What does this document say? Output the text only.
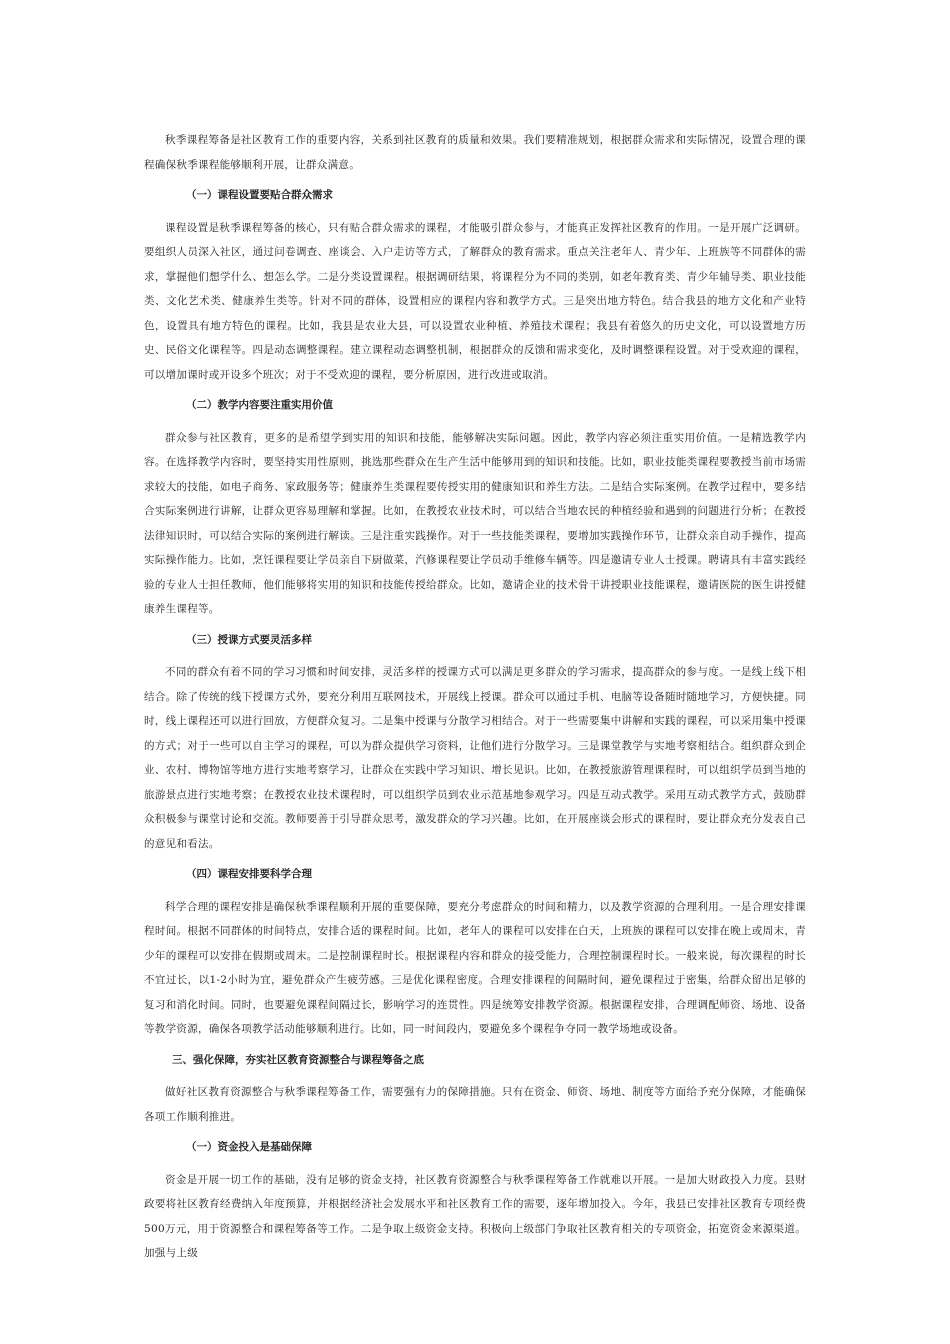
秋季课程筹备是社区教育工作的重要内容，关系到社区教育的质量和效果。我们要精准规划，根据群众需求和实际情况，设置合理的课程确保秋季课程能够顺利开展，让群众满意。

（一）课程设置要贴合群众需求

课程设置是秋季课程筹备的核心，只有贴合群众需求的课程，才能吸引群众参与，才能真正发挥社区教育的作用。一是开展广泛调研。要组织人员深入社区，通过问卷调查、座谈会、入户走访等方式，了解群众的教育需求。重点关注老年人、青少年、上班族等不同群体的需求，掌握他们想学什么、想怎么学。二是分类设置课程。根据调研结果，将课程分为不同的类别，如老年教育类、青少年辅导类、职业技能类、文化艺术类、健康养生类等。针对不同的群体，设置相应的课程内容和教学方式。三是突出地方特色。结合我县的地方文化和产业特色，设置具有地方特色的课程。比如，我县是农业大县，可以设置农业种植、养殖技术课程；我县有着悠久的历史文化，可以设置地方历史、民俗文化课程等。四是动态调整课程。建立课程动态调整机制，根据群众的反馈和需求变化，及时调整课程设置。对于受欢迎的课程，可以增加课时或开设多个班次；对于不受欢迎的课程，要分析原因，进行改进或取消。

（二）教学内容要注重实用价值

群众参与社区教育，更多的是希望学到实用的知识和技能，能够解决实际问题。因此，教学内容必须注重实用价值。一是精选教学内容。在选择教学内容时，要坚持实用性原则，挑选那些群众在生产生活中能够用到的知识和技能。比如，职业技能类课程要教授当前市场需求较大的技能，如电子商务、家政服务等；健康养生类课程要传授实用的健康知识和养生方法。二是结合实际案例。在教学过程中，要多结合实际案例进行讲解，让群众更容易理解和掌握。比如，在教授农业技术时，可以结合当地农民的种植经验和遇到的问题进行分析；在教授法律知识时，可以结合实际的案例进行解读。三是注重实践操作。对于一些技能类课程，要增加实践操作环节，让群众亲自动手操作，提高实际操作能力。比如，烹饪课程要让学员亲自下厨做菜，汽修课程要让学员动手维修车辆等。四是邀请专业人士授课。聘请具有丰富实践经验的专业人士担任教师，他们能够将实用的知识和技能传授给群众。比如，邀请企业的技术骨干讲授职业技能课程，邀请医院的医生讲授健康养生课程等。

（三）授课方式要灵活多样

不同的群众有着不同的学习习惯和时间安排，灵活多样的授课方式可以满足更多群众的学习需求，提高群众的参与度。一是线上线下相结合。除了传统的线下授课方式外，要充分利用互联网技术，开展线上授课。群众可以通过手机、电脑等设备随时随地学习，方便快捷。同时，线上课程还可以进行回放，方便群众复习。二是集中授课与分散学习相结合。对于一些需要集中讲解和实践的课程，可以采用集中授课的方式；对于一些可以自主学习的课程，可以为群众提供学习资料，让他们进行分散学习。三是课堂教学与实地考察相结合。组织群众到企业、农村、博物馆等地方进行实地考察学习，让群众在实践中学习知识、增长见识。比如，在教授旅游管理课程时，可以组织学员到当地的旅游景点进行实地考察；在教授农业技术课程时，可以组织学员到农业示范基地参观学习。四是互动式教学。采用互动式教学方式，鼓励群众积极参与课堂讨论和交流。教师要善于引导群众思考，激发群众的学习兴趣。比如，在开展座谈会形式的课程时，要让群众充分发表自己的意见和看法。

（四）课程安排要科学合理

科学合理的课程安排是确保秋季课程顺利开展的重要保障，要充分考虑群众的时间和精力，以及教学资源的合理利用。一是合理安排课程时间。根据不同群体的时间特点，安排合适的课程时间。比如，老年人的课程可以安排在白天，上班族的课程可以安排在晚上或周末，青少年的课程可以安排在假期或周末。二是控制课程时长。根据课程内容和群众的接受能力，合理控制课程时长。一般来说，每次课程的时长不宜过长，以1-2小时为宜，避免群众产生疲劳感。三是优化课程密度。合理安排课程的间隔时间，避免课程过于密集，给群众留出足够的复习和消化时间。同时，也要避免课程间隔过长，影响学习的连贯性。四是统筹安排教学资源。根据课程安排，合理调配师资、场地、设备等教学资源，确保各项教学活动能够顺利进行。比如，同一时间段内，要避免多个课程争夺同一教学场地或设备。

三、强化保障，夯实社区教育资源整合与课程筹备之底

做好社区教育资源整合与秋季课程筹备工作，需要强有力的保障措施。只有在资金、师资、场地、制度等方面给予充分保障，才能确保各项工作顺利推进。

（一）资金投入是基础保障

资金是开展一切工作的基础，没有足够的资金支持，社区教育资源整合与秋季课程筹备工作就难以开展。一是加大财政投入力度。县财政要将社区教育经费纳入年度预算，并根据经济社会发展水平和社区教育工作的需要，逐年增加投入。今年，我县已安排社区教育专项经费500万元，用于资源整合和课程筹备等工作。二是争取上级资金支持。积极向上级部门争取社区教育相关的专项资金，拓宽资金来源渠道。加强与上级
